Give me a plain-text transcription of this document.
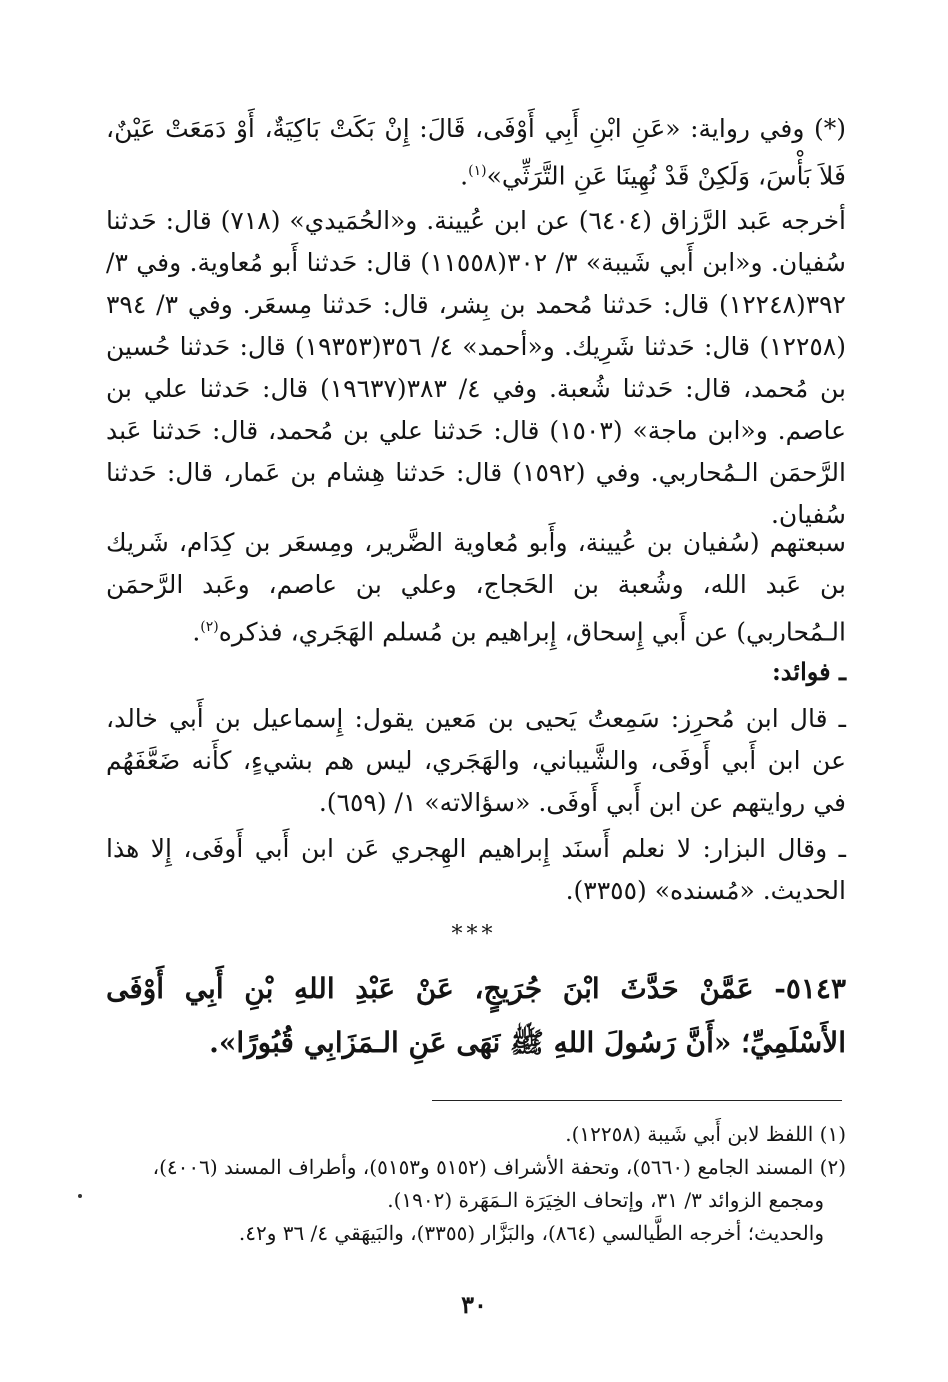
(*) وفي رواية: «عَنِ ابْنِ أَبِي أَوْفَى، قَالَ: إِنْ بَكَتْ بَاكِيَةٌ، أَوْ دَمَعَتْ عَيْنٌ، فَلاَ بَأْسَ، وَلَكِنْ قَدْ نُهِينَا عَنِ التَّرَثِّي»$^{(١)}$.
أخرجه عَبد الرَّزاق (٦٤٠٤) عن ابن عُيينة. و«الحُمَيدي» (٧١٨) قال: حَدثنا سُفيان. و«ابن أَبي شَيبة» ٣/ ٣٠٢(١١٥٥٨) قال: حَدثنا أَبو مُعاوية. وفي ٣/ ٣٩٢(١٢٢٤٨) قال: حَدثنا مُحمد بن بِشر، قال: حَدثنا مِسعَر. وفي ٣/ ٣٩٤ (١٢٢٥٨) قال: حَدثنا شَرِيك. و«أحمد» ٤/ ٣٥٦(١٩٣٥٣) قال: حَدثنا حُسين بن مُحمد، قال: حَدثنا شُعبة. وفي ٤/ ٣٨٣(١٩٦٣٧) قال: حَدثنا علي بن عاصم. و«ابن ماجة» (١٥٠٣) قال: حَدثنا علي بن مُحمد، قال: حَدثنا عَبد الرَّحمَن الـمُحاربي. وفي (١٥٩٢) قال: حَدثنا هِشام بن عَمار، قال: حَدثنا سُفيان.
سبعتهم (سُفيان بن عُيينة، وأَبو مُعاوية الضَّرير، ومِسعَر بن كِدَام، شَريك بن عَبد الله، وشُعبة بن الحَجاج، وعلي بن عاصم، وعَبد الرَّحمَن الـمُحاربي) عن أَبي إِسحاق، إِبراهيم بن مُسلم الهَجَري، فذكره$^{(٢)}$.
ـ فوائد:
ـ قال ابن مُحرِز: سَمِعتُ يَحيى بن مَعين يقول: إِسماعيل بن أَبي خالد، عن ابن أَبي أَوفَى، والشَّيباني، والهَجَري، ليس هم بشيءٍ، كأَنه ضَعَّفَهُم في روايتهم عن ابن أَبي أَوفَى. «سؤالاته» ١/ (٦٥٩).
ـ وقال البزار: لا نعلم أَسنَد إِبراهيم الهِجري عَن ابن أَبي أَوفَى، إِلا هذا الحديث. «مُسنده» (٣٣٥٥).
***
٥١٤٣- عَمَّنْ حَدَّثَ ابْنَ جُرَيجٍ، عَنْ عَبْدِ اللهِ بْنِ أَبِي أَوْفَى الأَسْلَمِيِّ؛ «أَنَّ رَسُولَ اللهِ ﷺ نَهَى عَنِ الـمَزَابِي قُبُورًا».
(١) اللفظ لابن أَبي شَيبة (١٢٢٥٨).
(٢) المسند الجامع (٥٦٦٠)، وتحفة الأشراف (٥١٥٢ و٥١٥٣)، وأطراف المسند (٤٠٠٦)،
ومجمع الزوائد ٣/ ٣١، وإتحاف الخِيَرَة الـمَهَرة (١٩٠٢).
والحديث؛ أخرجه الطَّيالسي (٨٦٤)، والبَزَّار (٣٣٥٥)، والبَيهَقي ٤/ ٣٦ و٤٢.
٣٠
